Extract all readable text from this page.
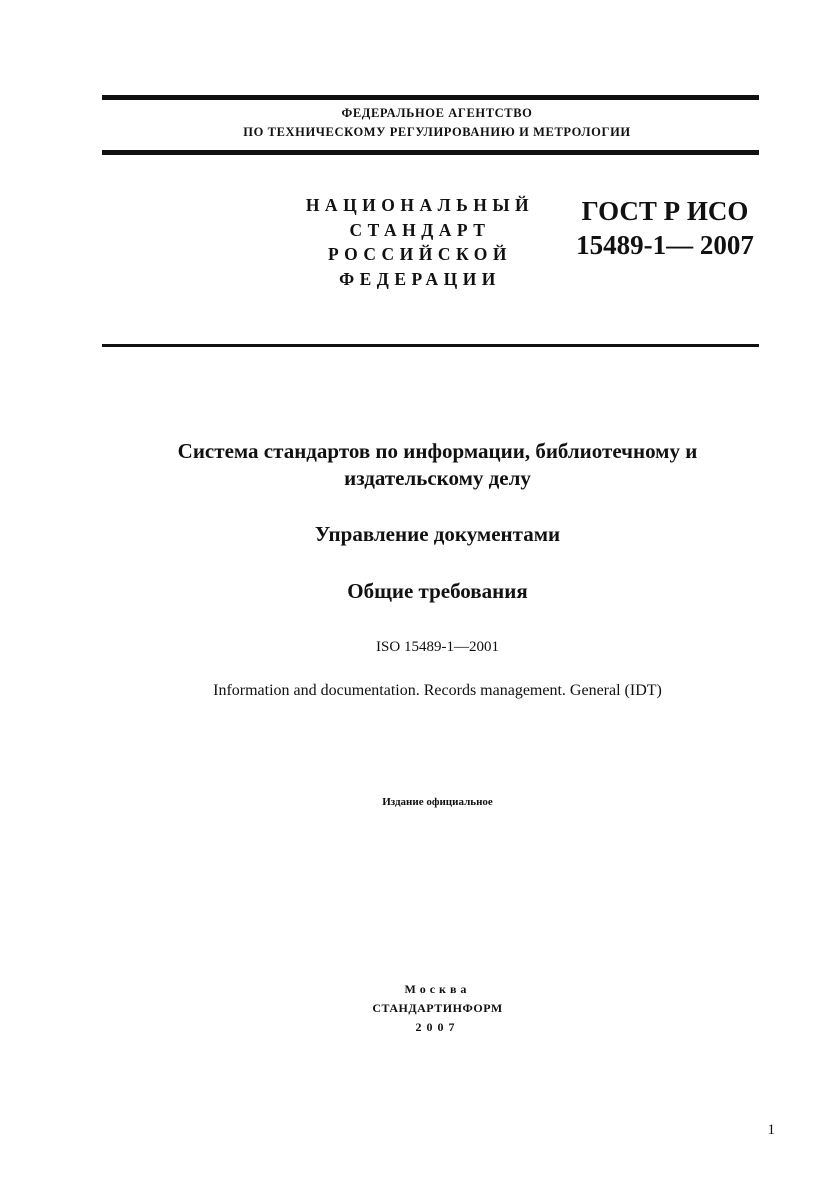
ФЕДЕРАЛЬНОЕ АГЕНТСТВО
ПО ТЕХНИЧЕСКОМУ РЕГУЛИРОВАНИЮ И МЕТРОЛОГИИ
НАЦИОНАЛЬНЫЙ
СТАНДАРТ
РОССИЙСКОЙ
ФЕДЕРАЦИИ
ГОСТ Р ИСО
15489-1— 2007
Система стандартов по информации, библиотечному и
издательскому делу
Управление документами
Общие требования
ISO 15489-1—2001
Information and documentation. Records management. General (IDT)
Издание официальное
Москва
СТАНДАРТИНФОРМ
2007
1
